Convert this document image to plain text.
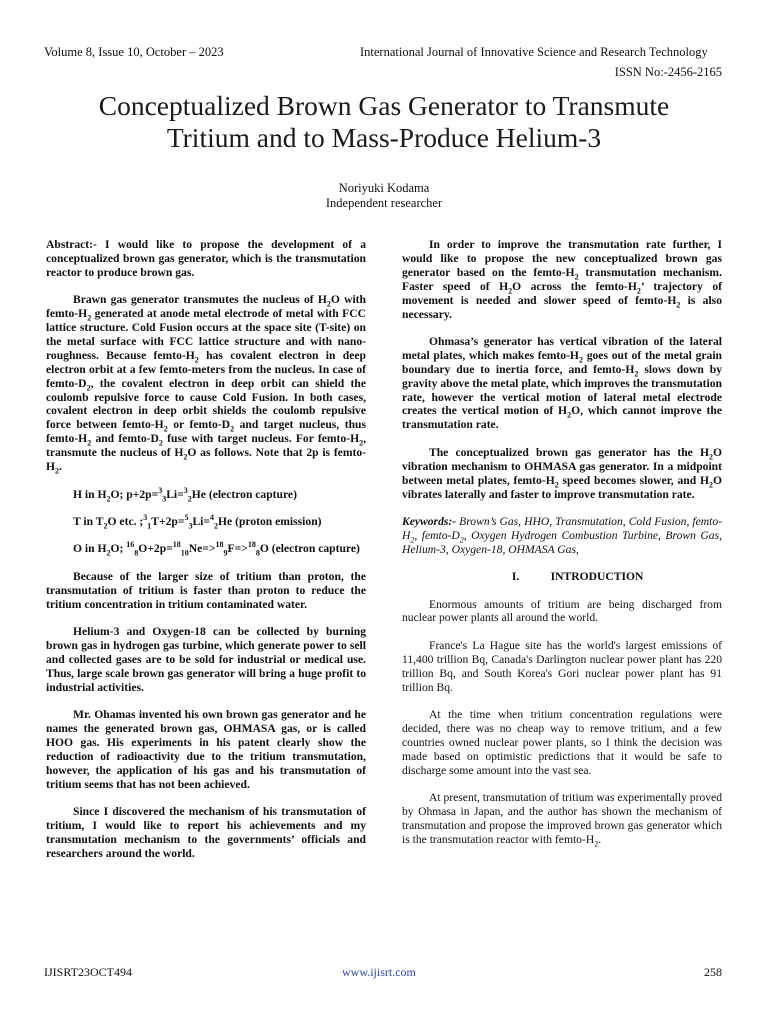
Volume 8, Issue 10, October – 2023	International Journal of Innovative Science and Research Technology
ISSN No:-2456-2165
Conceptualized Brown Gas Generator to Transmute
Tritium and to Mass-Produce Helium-3
Noriyuki Kodama
Independent researcher

Abstract:- I would like to propose the development of a conceptualized brown gas generator, which is the transmutation reactor to produce brown gas.

Brawn gas generator transmutes the nucleus of $H_2O$ with femto-$H_2$ generated at anode metal electrode of metal with FCC lattice structure. Cold Fusion occurs at the space site (T-site) on the metal surface with FCC lattice structure and with nano-roughness. Because femto-$H_2$ has covalent electron in deep electron orbit at a few femto-meters from the nucleus. In case of femto-$D_2$, the covalent electron in deep orbit can shield the coulomb repulsive force to cause Cold Fusion. In both cases, covalent electron in deep orbit shields the coulomb repulsive force between femto-$H_2$ or femto-$D_2$ and target nucleus, thus femto-$H_2$ and femto-$D_2$ fuse with target nucleus. For femto-$H_2$, transmute the nucleus of $H_2O$ as follows. Note that 2p is femto-$H_2$.

H in $H_2O$; p+2p=$^3_3$Li=$^3_2$He (electron capture)

T in $T_2O$ etc. ;$^3_1$T+2p=$^5_3$Li=$^4_2$He (proton emission)

O in $H_2O$; $^{16}_8$O+2p=$^{18}_{10}$Ne=>$^{18}_9$F=>$^{18}_8$O (electron capture)

Because of the larger size of tritium than proton, the transmutation of tritium is faster than proton to reduce the tritium concentration in tritium contaminated water.

Helium-3 and Oxygen-18 can be collected by burning brown gas in hydrogen gas turbine, which generate power to sell and collected gases are to be sold for industrial or medical use. Thus, large scale brown gas generator will bring a huge profit to industrial activities.

Mr. Ohamas invented his own brown gas generator and he names the generated brown gas, OHMASA gas, or is called HOO gas. His experiments in his patent clearly show the reduction of radioactivity due to the tritium transmutation, however, the application of his gas and his transmutation of tritium seems that has not been achieved.

Since I discovered the mechanism of his transmutation of tritium, I would like to report his achievements and my transmutation mechanism to the governments’ officials and researchers around the world.

In order to improve the transmutation rate further, I would like to propose the new conceptualized brown gas generator based on the femto-$H_2$ transmutation mechanism. Faster speed of $H_2O$ across the femto-$H_2$’ trajectory of movement is needed and slower speed of femto-$H_2$ is also necessary.

Ohmasa’s generator has vertical vibration of the lateral metal plates, which makes femto-$H_2$ goes out of the metal grain boundary due to inertia force, and femto-$H_2$ slows down by gravity above the metal plate, which improves the transmutation rate, however the vertical motion of lateral metal electrode creates the vertical motion of $H_2O$, which cannot improve the transmutation rate.

The conceptualized brown gas generator has the $H_2O$ vibration mechanism to OHMASA gas generator. In a midpoint between metal plates, femto-$H_2$ speed becomes slower, and $H_2O$ vibrates laterally and faster to improve transmutation rate.

Keywords:- Brown’s Gas, HHO, Transmutation, Cold Fusion, femto-$H_2$, femto-$D_2$, Oxygen Hydrogen Combustion Turbine, Brown Gas, Helium-3, Oxygen-18, OHMASA Gas,

I.	INTRODUCTION

Enormous amounts of tritium are being discharged from nuclear power plants all around the world.

France's La Hague site has the world's largest emissions of 11,400 trillion Bq, Canada's Darlington nuclear power plant has 220 trillion Bq, and South Korea's Gori nuclear power plant has 91 trillion Bq.

At the time when tritium concentration regulations were decided, there was no cheap way to remove tritium, and a few countries owned nuclear power plants, so I think the decision was made based on optimistic predictions that it would be safe to discharge some amount into the vast sea.

At present, transmutation of tritium was experimentally proved by Ohmasa in Japan, and the author has shown the mechanism of transmutation and propose the improved brown gas generator which is the transmutation reactor with femto-$H_2$.

IJISRT23OCT494	www.ijisrt.com	258
